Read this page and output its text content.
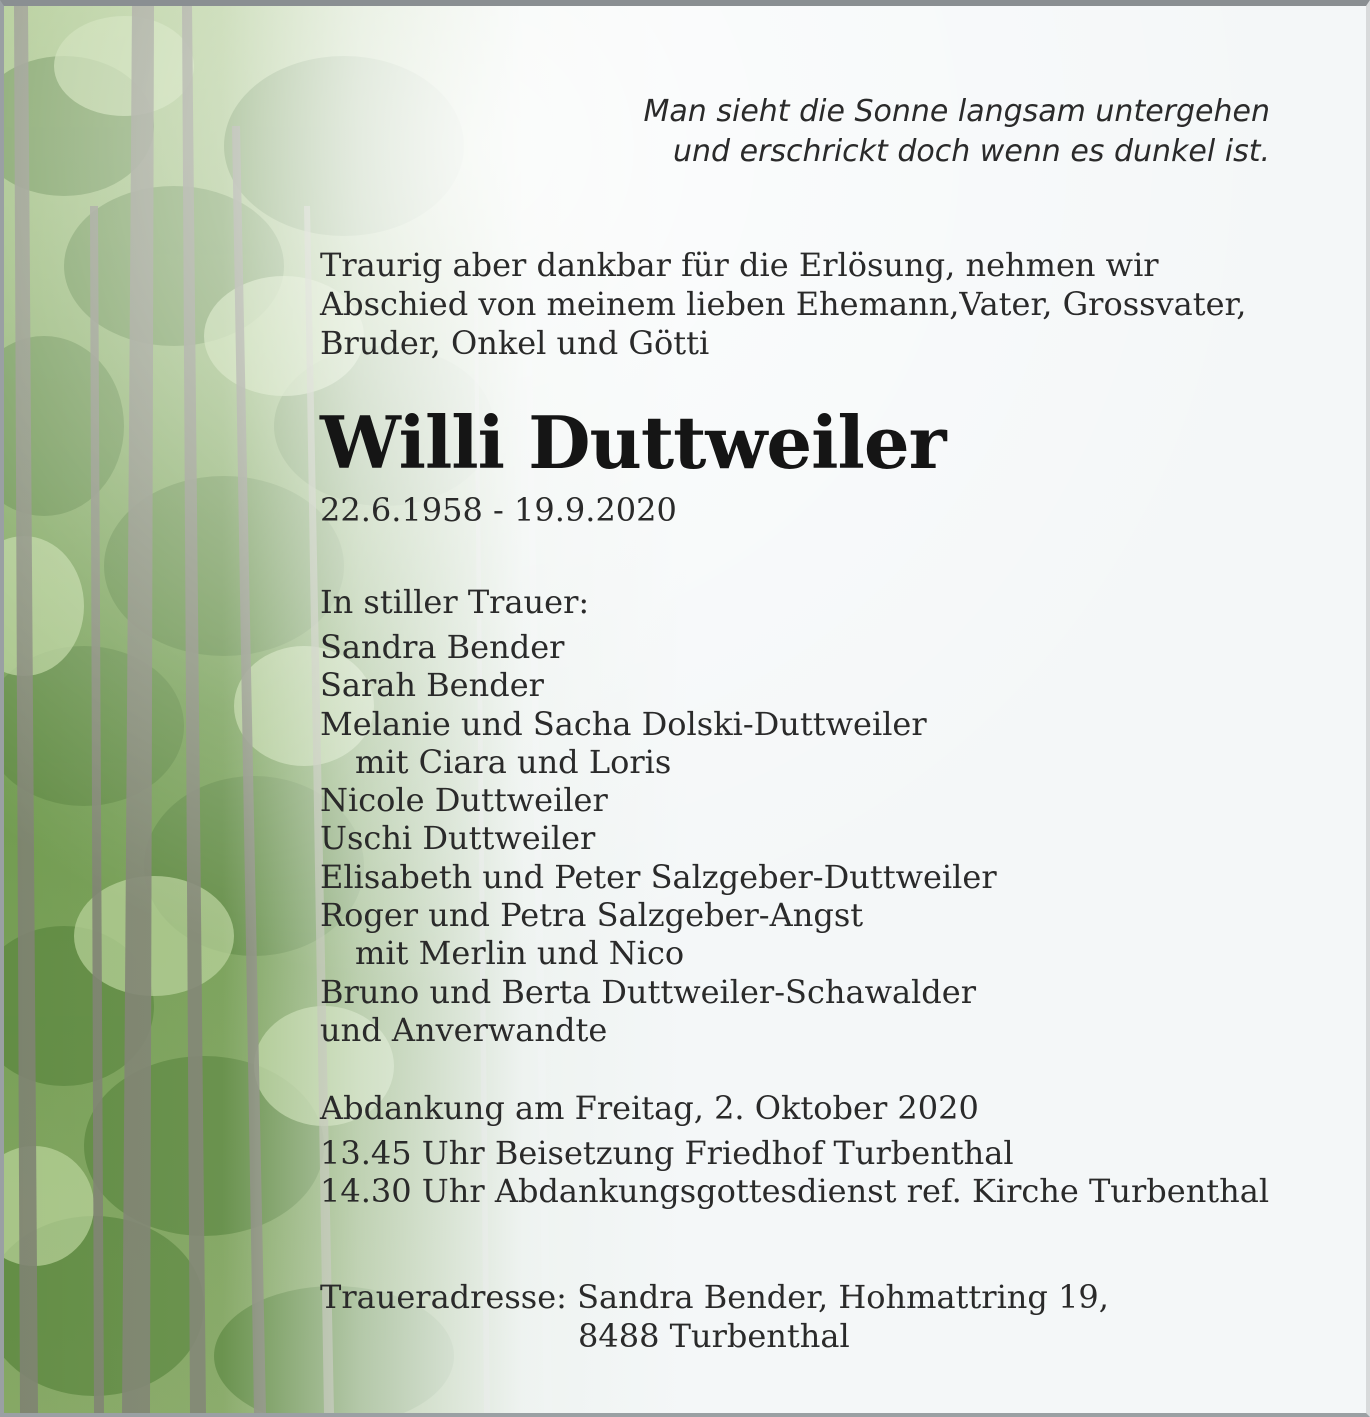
Man sieht die Sonne langsam untergehen
und erschrickt doch wenn es dunkel ist.
Traurig aber dankbar für die Erlösung, nehmen wir
Abschied von meinem lieben Ehemann,Vater, Grossvater,
Bruder, Onkel und Götti
Willi Duttweiler
22.6.1958 - 19.9.2020
In stiller Trauer:
Sandra Bender
Sarah Bender
Melanie und Sacha Dolski-Duttweiler
mit Ciara und Loris
Nicole Duttweiler
Uschi Duttweiler
Elisabeth und Peter Salzgeber-Duttweiler
Roger und Petra Salzgeber-Angst
mit Merlin und Nico
Bruno und Berta Duttweiler-Schawalder
und Anverwandte
Abdankung am Freitag, 2. Oktober 2020
13.45 Uhr Beisetzung Friedhof Turbenthal
14.30 Uhr Abdankungsgottesdienst ref. Kirche Turbenthal
Traueradresse: Sandra Bender, Hohmattring 19,
8488 Turbenthal
